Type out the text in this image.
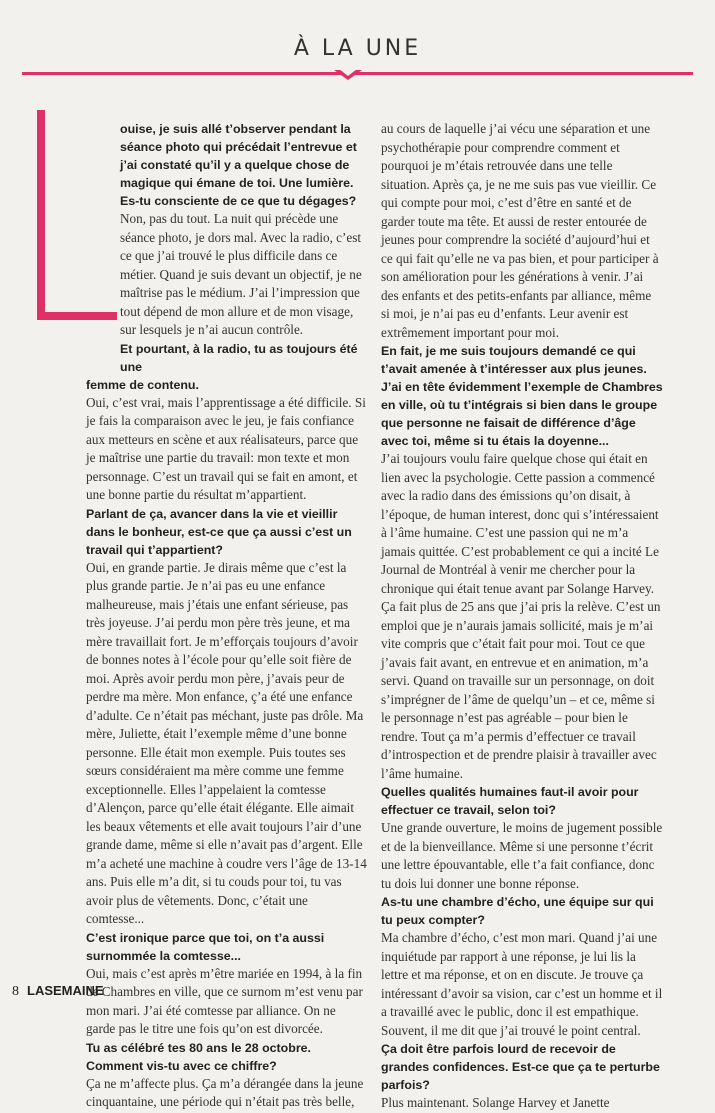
À LA UNE

ouise, je suis allé t’observer pendant la séance photo qui précédait l’entrevue et j’ai constaté qu’il y a quelque chose de magique qui émane de toi. Une lumière. Es-tu consciente de ce que tu dégages?

Non, pas du tout. La nuit qui précède une séance photo, je dors mal. Avec la radio, c’est ce que j’ai trouvé le plus difficile dans ce métier. Quand je suis devant un objectif, je ne maîtrise pas le médium. J’ai l’impression que tout dépend de mon allure et de mon visage, sur lesquels je n’ai aucun contrôle.

Et pourtant, à la radio, tu as toujours été une

femme de contenu.

Oui, c’est vrai, mais l’apprentissage a été difficile. Si je fais la comparaison avec le jeu, je fais confiance aux metteurs en scène et aux réalisateurs, parce que je maîtrise une partie du travail: mon texte et mon personnage. C’est un travail qui se fait en amont, et une bonne partie du résultat m’appartient.

Parlant de ça, avancer dans la vie et vieillir dans le bonheur, est-ce que ça aussi c’est un travail qui t’appartient?

Oui, en grande partie. Je dirais même que c’est la plus grande partie. Je n’ai pas eu une enfance malheureuse, mais j’étais une enfant sérieuse, pas très joyeuse. J’ai perdu mon père très jeune, et ma mère travaillait fort. Je m’efforçais toujours d’avoir de bonnes notes à l’école pour qu’elle soit fière de moi. Après avoir perdu mon père, j’avais peur de perdre ma mère. Mon enfance, ç’a été une enfance d’adulte. Ce n’était pas méchant, juste pas drôle. Ma mère, Juliette, était l’exemple même d’une bonne personne. Elle était mon exemple. Puis toutes ses sœurs considéraient ma mère comme une femme exceptionnelle. Elles l’appelaient la comtesse d’Alençon, parce qu’elle était élégante. Elle aimait les beaux vêtements et elle avait toujours l’air d’une grande dame, même si elle n’avait pas d’argent. Elle m’a acheté une machine à coudre vers l’âge de 13-14 ans. Puis elle m’a dit, si tu couds pour toi, tu vas avoir plus de vêtements. Donc, c’était une comtesse...

C’est ironique parce que toi, on t’a aussi surnommée la comtesse...

Oui, mais c’est après m’être mariée en 1994, à la fin de Chambres en ville, que ce surnom m’est venu par mon mari. J’ai été comtesse par alliance. On ne garde pas le titre une fois qu’on est divorcée.

Tu as célébré tes 80 ans le 28 octobre. Comment vis-tu avec ce chiffre?

Ça ne m’affecte plus. Ça m’a dérangée dans la jeune cinquantaine, une période qui n’était pas très belle,

au cours de laquelle j’ai vécu une séparation et une psychothérapie pour comprendre comment et pourquoi je m’étais retrouvée dans une telle situation. Après ça, je ne me suis pas vue vieillir. Ce qui compte pour moi, c’est d’être en santé et de garder toute ma tête. Et aussi de rester entourée de jeunes pour comprendre la société d’aujourd’hui et ce qui fait qu’elle ne va pas bien, et pour participer à son amélioration pour les générations à venir. J’ai des enfants et des petits-enfants par alliance, même si moi, je n’ai pas eu d’enfants. Leur avenir est extrêmement important pour moi.

En fait, je me suis toujours demandé ce qui t’avait amenée à t’intéresser aux plus jeunes. J’ai en tête évidemment l’exemple de Chambres en ville, où tu t’intégrais si bien dans le groupe que personne ne faisait de différence d’âge avec toi, même si tu étais la doyenne...

J’ai toujours voulu faire quelque chose qui était en lien avec la psychologie. Cette passion a commencé avec la radio dans des émissions qu’on disait, à l’époque, de human interest, donc qui s’intéressaient à l’âme humaine. C’est une passion qui ne m’a jamais quittée. C’est probablement ce qui a incité Le Journal de Montréal à venir me chercher pour la chronique qui était tenue avant par Solange Harvey. Ça fait plus de 25 ans que j’ai pris la relève. C’est un emploi que je n’aurais jamais sollicité, mais je m’ai vite compris que c’était fait pour moi. Tout ce que j’avais fait avant, en entrevue et en animation, m’a servi. Quand on travaille sur un personnage, on doit s’imprégner de l’âme de quelqu’un – et ce, même si le personnage n’est pas agréable – pour bien le rendre. Tout ça m’a permis d’effectuer ce travail d’introspection et de prendre plaisir à travailler avec l’âme humaine.

Quelles qualités humaines faut-il avoir pour effectuer ce travail, selon toi?

Une grande ouverture, le moins de jugement possible et de la bienveillance. Même si une personne t’écrit une lettre épouvantable, elle t’a fait confiance, donc tu dois lui donner une bonne réponse.

As-tu une chambre d’écho, une équipe sur qui tu peux compter?

Ma chambre d’écho, c’est mon mari. Quand j’ai une inquiétude par rapport à une réponse, je lui lis la lettre et ma réponse, et on en discute. Je trouve ça intéressant d’avoir sa vision, car c’est un homme et il a travaillé avec le public, donc il est empathique. Souvent, il me dit que j’ai trouvé le point central.

Ça doit être parfois lourd de recevoir de grandes confidences. Est-ce que ça te perturbe parfois?

Plus maintenant. Solange Harvey et Janette

8 LASEMAINE
